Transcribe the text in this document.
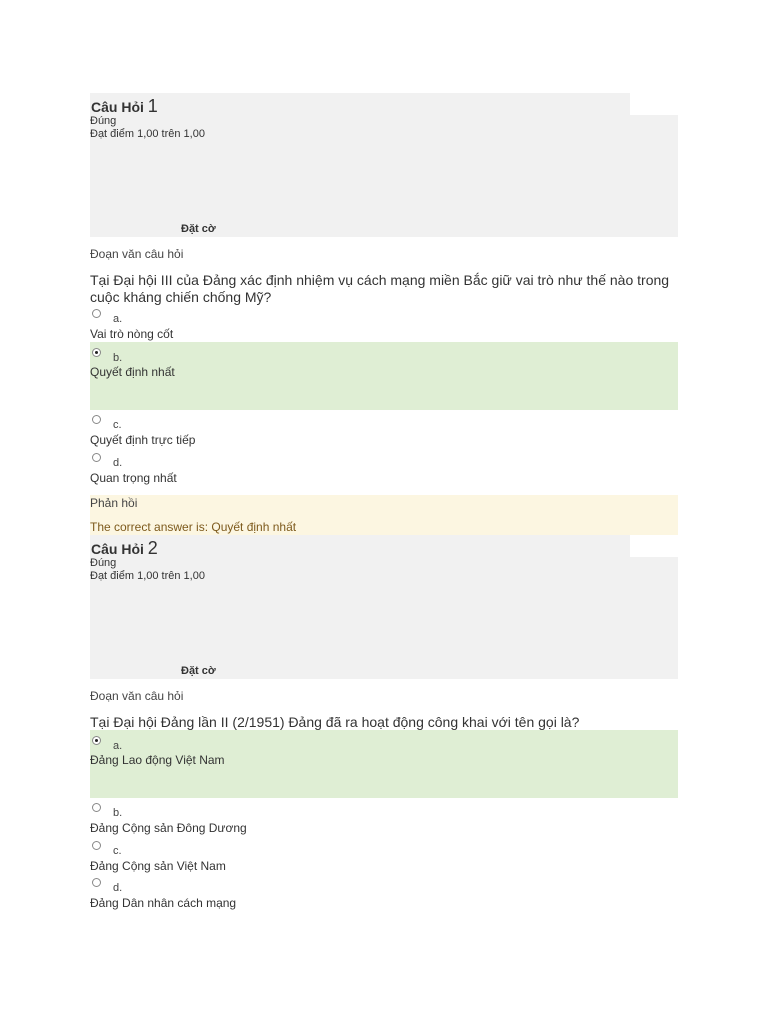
Câu Hỏi 1
Đúng
Đạt điểm 1,00 trên 1,00
Đặt cờ
Đoạn văn câu hỏi
Tại Đại hội III của Đảng xác định nhiệm vụ cách mạng miền Bắc giữ vai trò như thế nào trong cuộc kháng chiến chống Mỹ?
a.
Vai trò nòng cốt
b.
Quyết định nhất
c.
Quyết định trực tiếp
d.
Quan trọng nhất
Phản hồi
The correct answer is: Quyết định nhất
Câu Hỏi 2
Đúng
Đạt điểm 1,00 trên 1,00
Đặt cờ
Đoạn văn câu hỏi
Tại Đại hội Đảng lần II (2/1951) Đảng đã ra hoạt động công khai với tên gọi là?
a.
Đảng Lao động Việt Nam
b.
Đảng Cộng sản Đông Dương
c.
Đảng Cộng sản Việt Nam
d.
Đảng Dân nhân cách mạng
